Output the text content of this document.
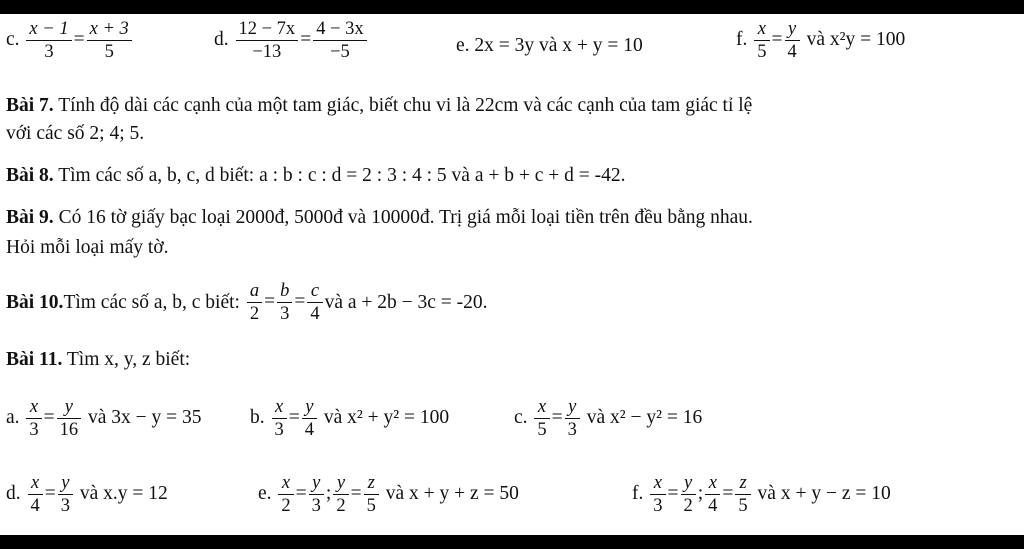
c. $\frac{x - 1}{3} = \frac{x + 3}{5}$	d. $\frac{12 - 7x}{-13} = \frac{4 - 3x}{-5}$	e. 2x = 3y và x + y = 10	f. $\frac{x}{5} = \frac{y}{4}$ và x²y = 100
Bài 7. Tính độ dài các cạnh của một tam giác, biết chu vi là 22cm và các cạnh của tam giác tỉ lệ
với các số 2; 4; 5.
Bài 8. Tìm các số a, b, c, d biết: a : b : c : d = 2 : 3 : 4 : 5 và a + b + c + d = -42.
Bài 9. Có 16 tờ giấy bạc loại 2000đ, 5000đ và 10000đ. Trị giá mỗi loại tiền trên đều bằng nhau.
Hỏi mỗi loại mấy tờ.
Bài 10.Tìm các số a, b, c biết: $\frac{a}{2} = \frac{b}{3} = \frac{c}{4}$ và a + 2b − 3c = -20.
Bài 11. Tìm x, y, z biết:
a. $\frac{x}{3} = \frac{y}{16}$ và 3x − y = 35 b. $\frac{x}{3} = \frac{y}{4}$ và x² + y² = 100	c. $\frac{x}{5} = \frac{y}{3}$ và x² − y² = 16
d. $\frac{x}{4} = \frac{y}{3}$ và x.y = 12	e. $\frac{x}{2} = \frac{y}{3}$ ; $\frac{y}{2} = \frac{z}{5}$ và x + y + z = 50	f. $\frac{x}{3} = \frac{y}{2}$ ; $\frac{x}{4} = \frac{z}{5}$ và x + y − z = 10
